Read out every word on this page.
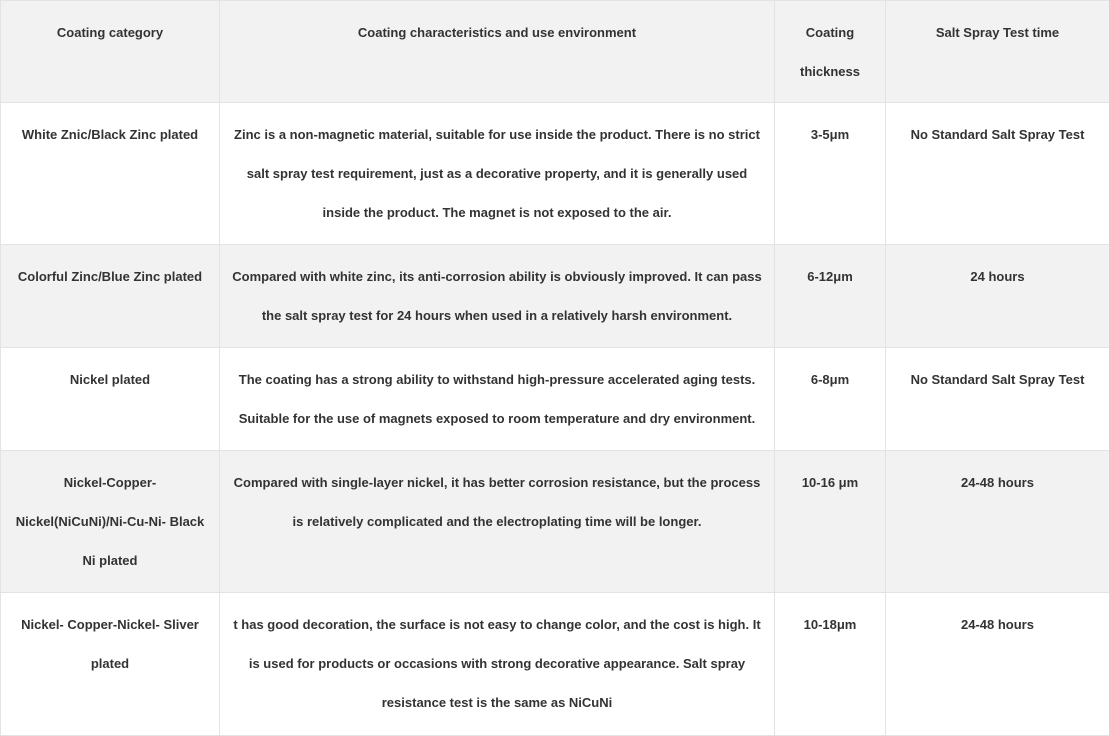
Coating category	Coating characteristics and use environment	Coating thickness	Salt Spray Test time
White Znic/Black Zinc plated	Zinc is a non-magnetic material, suitable for use inside the product. There is no strict salt spray test requirement, just as a decorative property, and it is generally used inside the product. The magnet is not exposed to the air.	3-5μm	No Standard Salt Spray Test
Colorful Zinc/Blue Zinc plated	Compared with white zinc, its anti-corrosion ability is obviously improved. It can pass the salt spray test for 24 hours when used in a relatively harsh environment.	6-12μm	24 hours
Nickel plated	The coating has a strong ability to withstand high-pressure accelerated aging tests. Suitable for the use of magnets exposed to room temperature and dry environment.	6-8μm	No Standard Salt Spray Test
Nickel-Copper-Nickel(NiCuNi)/Ni-Cu-Ni- Black Ni plated	Compared with single-layer nickel, it has better corrosion resistance, but the process is relatively complicated and the electroplating time will be longer.	10-16 μm	24-48 hours
Nickel- Copper-Nickel- Sliver plated	t has good decoration, the surface is not easy to change color, and the cost is high. It is used for products or occasions with strong decorative appearance. Salt spray resistance test is the same as NiCuNi	10-18μm	24-48 hours
